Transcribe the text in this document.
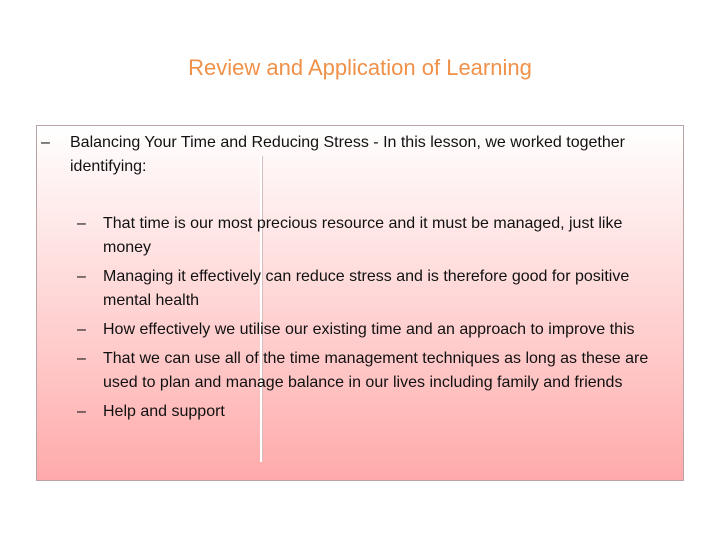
Review and Application of Learning
– Balancing Your Time and Reducing Stress - In this lesson, we worked together identifying:
– That time is our most precious resource and it must be managed, just like money
– Managing it effectively can reduce stress and is therefore good for positive mental health
– How effectively we utilise our existing time and an approach to improve this
– That we can use all of the time management techniques as long as these are used to plan and manage balance in our lives including family and friends
– Help and support
